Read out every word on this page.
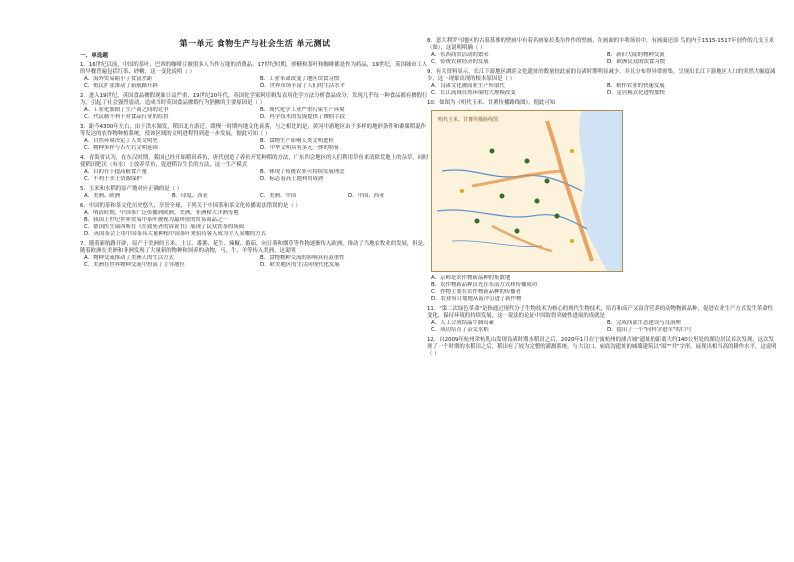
第一单元 食物生产与社会生活 单元测试
一、单选题
1．16世纪以前，中国的茶叶、巴西的咖啡豆被很多人当作万能的消费品。17世纪时期，砂糖和茶叶和咖啡都是作为药品，19世纪，英国城市工人的早餐普遍包括红茶、砂糖，这一变化说明（ ）
A．海外贸易缩小了贫富差距	B．工业革命改变了地区饮食习惯
C．殖民扩张推动了新航路开辟	D．世界市场丰富了人们的生活水平
2．进入19世纪，英国食品掺假现象日益严重，19世纪20年代，英国化学家阿库姆发表用化学方法分析食品成分，发现几乎每一种食品都有掺假行为，引起了社会强烈震动，造成当时英国食品掺假行为猖獗的主要原因是（ ）
A．工业化加剧了生产商之间的竞争	B．现代化学工业严重污染生产环境
C．代议制不利于对食品行业的监督	D．科学技术的发展提供了掺假手段
3．距今4300年左右，由于洪水频发，稻田北方游迁，缓慢一时期内地文化衰落，与之相比的是，黄河中游地区由于多样的地形条件和黍粟稻混作等发达的农作物种植系统，使该区域的文明进程得到进一步发展，据此可知（ ）
A．自然环境决定了人类文明史	B．食物生产影响人类文明进程
C．物种多样与否左右文明延续	D．中华文明具有多元一体的特征
4．青海省认为，在东汉时期，我国已经开始稻田养鱼，唐代创造了养鱼开荒种稻的方法，广东四会地区的人们利用草鱼来清除荒地上的杂草，同时使稻田肥沃（有水）上放养草鱼，促进稻谷生长的方法，这一生产模式
A．目的在于提高粮食产量	B．体现了传统农业可持续发展理念
C．不利于水土资源保护	D．标志着高土地利用成熟
5．玉米和水稻的原产地对应正确的是（ ）
A．美洲、欧洲	B．印度、西亚	C．美洲、中国	D．中国、西亚
6．中国的茶和茶文化历史悠久，享誉全球，下列关于中国茶和茶文化传播说法错误的是（ ）
A．明清时期，中国茶广泛传播到欧洲、美洲、非洲和大洋洲等地
B．我国上世纪世界贸易中茶叶被视为最珍贵的贸易商品之一
C．德国医生瑞西斯在《在致死者的诉说书》展现了民众饮茶的场面
D．英国茶会上用中国茶具大量种植中国茶叶来招待客人成为主人显耀的方式
7．随着新航路开辟，原产于美洲的玉米、土豆、番薯、花生、辣椒、番茄、向日葵和烟草等作物逐渐传入欧洲，推动了当地农牧业的发展，但是，随着欧洲在美洲和非洲发现了大量新的物种和饲养的动物，马、牛、羊等传入美洲，这说明
A．物种交流推动了美洲人的生活方式	B．食物物种交流的影响具有双重性
C．美洲在世界物种交流中扮演了主导地位	D．欧美地区的生活向现代化发展
8．意大利罗马地区的古墓墓葬的壁画中有着名画家拉斐尔作作的壁画，在画面的丰收场景中，有画面还添 鸟的内于1515-1517年创作的几支玉米（图），这说明明确（ ）
A．东西商贸活动的繁荣	B．新旧大陆的物种交流
C．传统农耕经济的发展	D．欧洲民众的饮食习惯
9．有关资料显示，长江下游地区湖滨文化遗址的数量较此前的良渚时期明显减少，并且分布得异常密集，呈现出长江下游地区人口的突然大幅度减少，这一现象出现的根本原因是（ ）
A．良渚文化被商业生产所取代	B．稻作农业的快速发展
C．长江流域自然环境的大规模改变	D．定居模式化进程加快
10．如图为《明代玉米、甘薯传播路线图》，据此可知
明代玉米、甘薯传播路线图
A．京师是农作物新品种的集散地
B．农作物新品种首先在东南方式和传播成功
C．作物主要在农作物新品种的传播者
D．农业有计划地从南洋引进了新作物
11．"第二次绿色革命"是指通过现代分子生物技术为核心的现代生物技术，培育和高产又富含营养的动物物新品种，促进农业生产方式发生革命性变化，保持环境的持续发展，这一说法的论证中国取得突破性进展的成就是
A．人工合成结晶牛胰岛素	B．完成西部生态建设与良治理
C．成功培育了杂交水稻	D．提出了一个"向科学进军"的口号
12．自2009年杭州余杭乳山发现良渚时期水稻田之后，2020年1月在宁波杭州的浦吉城"遗址的距离大约140公里处的湖边居民首次发现，这次发现了一个时期的水稻田之后，稻田有了较为完整的灌溉系统，与大汶口、庙底沟遗址的城墙建筑以"围""井"字形，展现出相当高的耕作水平，这说明（ ）
